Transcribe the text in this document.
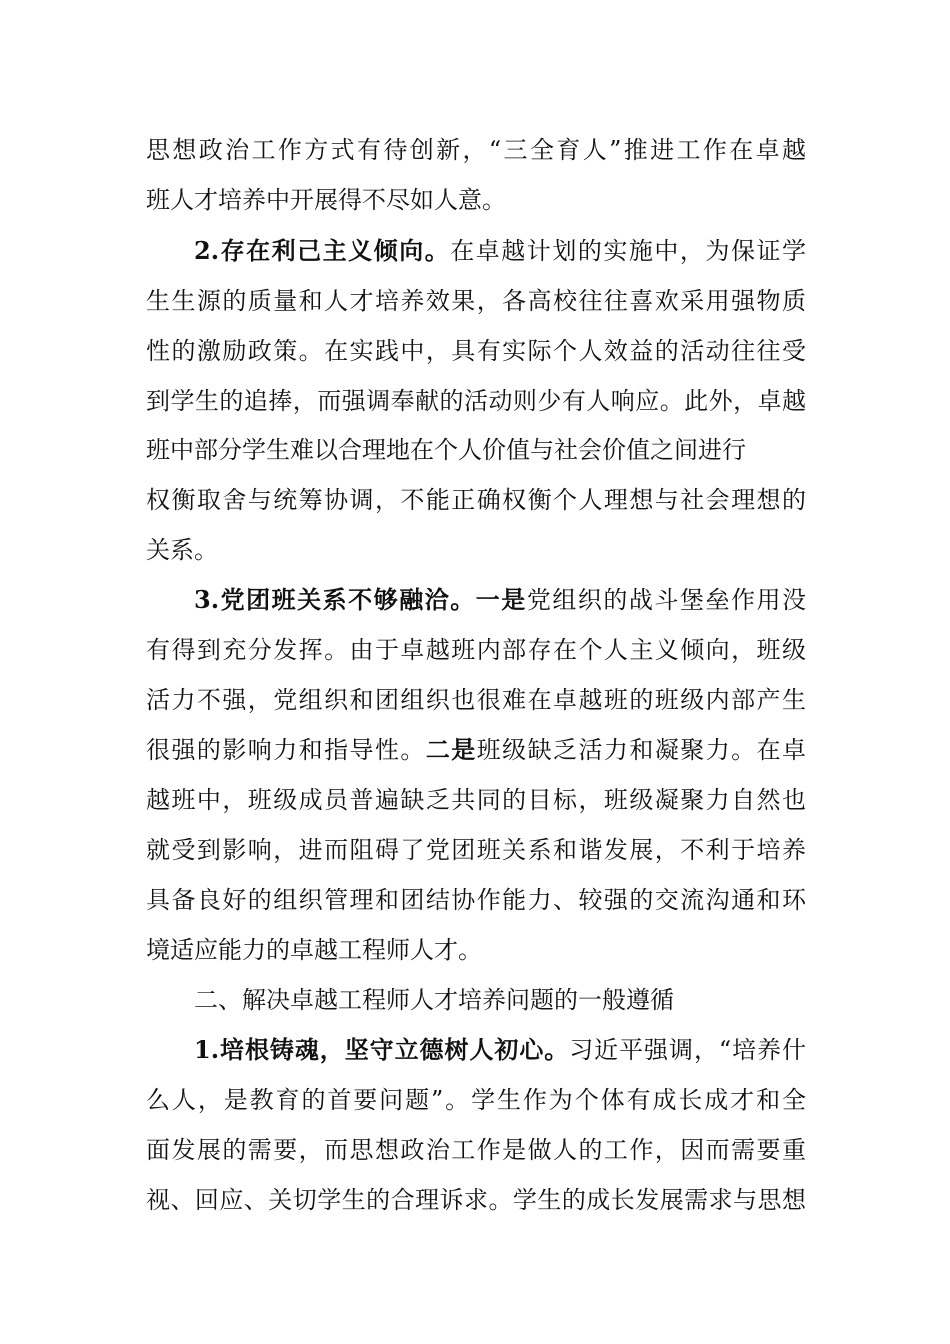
思想政治工作方式有待创新，“三全育人”推进工作在卓越
班人才培养中开展得不尽如人意。
2.存在利己主义倾向。在卓越计划的实施中，为保证学
生生源的质量和人才培养效果，各高校往往喜欢采用强物质
性的激励政策。在实践中，具有实际个人效益的活动往往受
到学生的追捧，而强调奉献的活动则少有人响应。此外，卓越
班中部分学生难以合理地在个人价值与社会价值之间进行
权衡取舍与统筹协调，不能正确权衡个人理想与社会理想的
关系。
3.党团班关系不够融洽。一是党组织的战斗堡垒作用没
有得到充分发挥。由于卓越班内部存在个人主义倾向，班级
活力不强，党组织和团组织也很难在卓越班的班级内部产生
很强的影响力和指导性。二是班级缺乏活力和凝聚力。在卓
越班中，班级成员普遍缺乏共同的目标，班级凝聚力自然也
就受到影响，进而阻碍了党团班关系和谐发展，不利于培养
具备良好的组织管理和团结协作能力、较强的交流沟通和环
境适应能力的卓越工程师人才。
二、解决卓越工程师人才培养问题的一般遵循
1.培根铸魂，坚守立德树人初心。习近平强调，“培养什
么人，是教育的首要问题”。学生作为个体有成长成才和全
面发展的需要，而思想政治工作是做人的工作，因而需要重
视、回应、关切学生的合理诉求。学生的成长发展需求与思想
